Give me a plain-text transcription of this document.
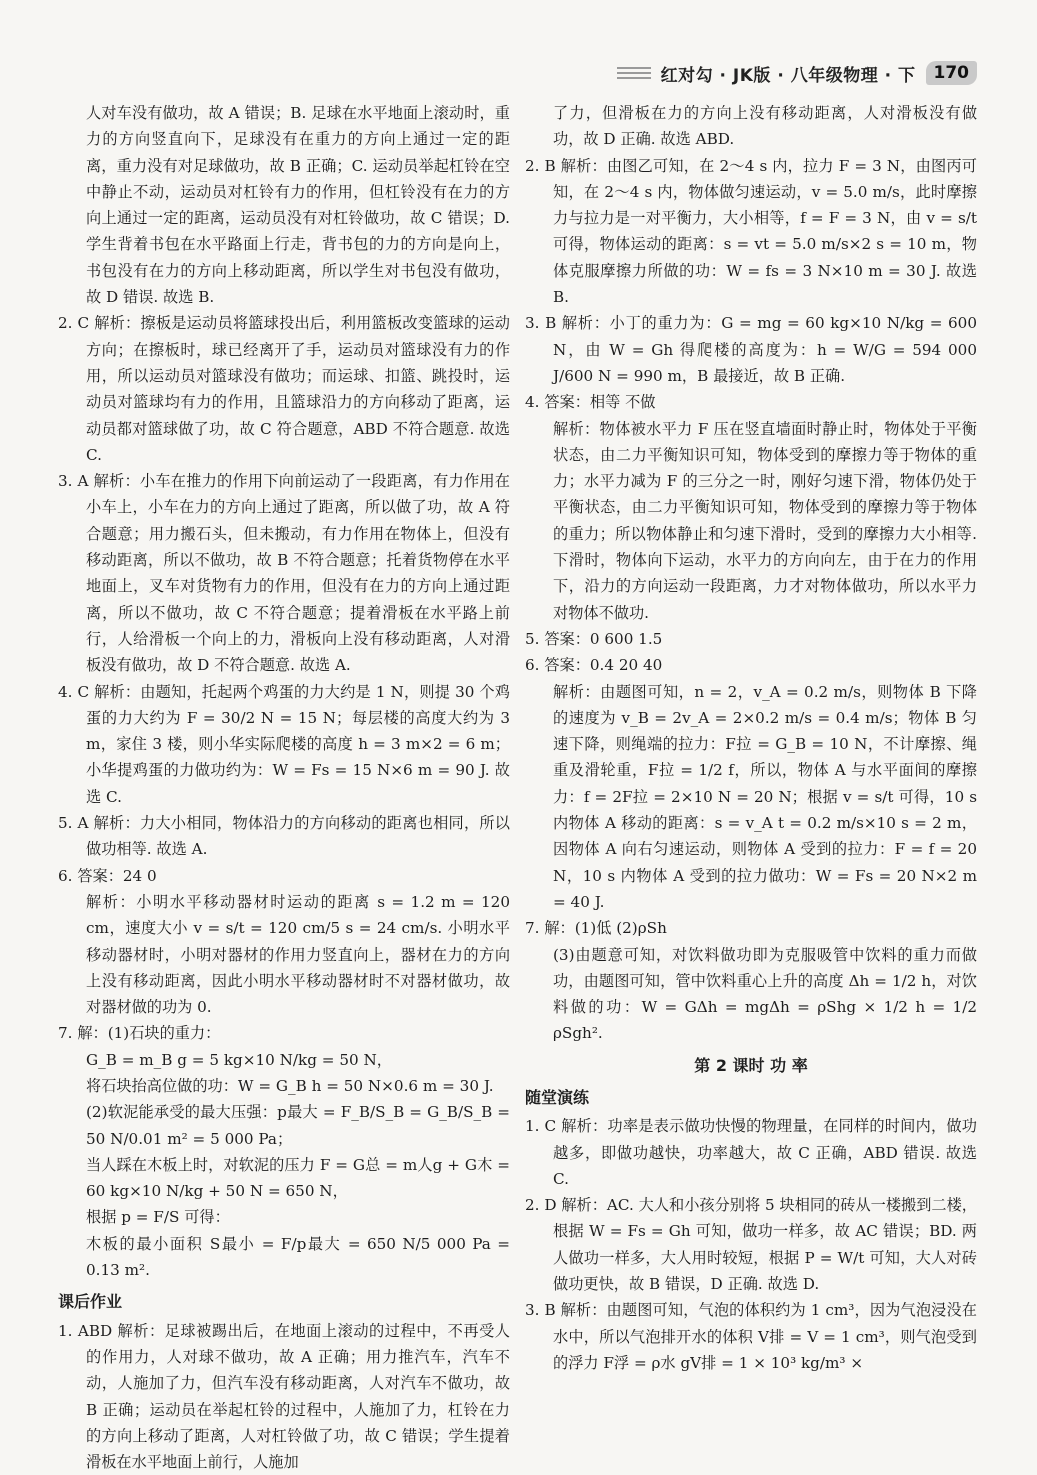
红对勾 · JK版 · 八年级物理 · 下	170

人对车没有做功，故 A 错误；B. 足球在水平地面上滚动时，重力的方向竖直向下，足球没有在重力的方向上通过一定的距离，重力没有对足球做功，故 B 正确；C. 运动员举起杠铃在空中静止不动，运动员对杠铃有力的作用，但杠铃没有在力的方向上通过一定的距离，运动员没有对杠铃做功，故 C 错误；D. 学生背着书包在水平路面上行走，背书包的力的方向是向上，书包没有在力的方向上移动距离，所以学生对书包没有做功，故 D 错误. 故选 B.

2. C 解析：擦板是运动员将篮球投出后，利用篮板改变篮球的运动方向；在擦板时，球已经离开了手，运动员对篮球没有力的作用，所以运动员对篮球没有做功；而运球、扣篮、跳投时，运动员对篮球均有力的作用，且篮球沿力的方向移动了距离，运动员都对篮球做了功，故 C 符合题意，ABD 不符合题意. 故选 C.

3. A 解析：小车在推力的作用下向前运动了一段距离，有力作用在小车上，小车在力的方向上通过了距离，所以做了功，故 A 符合题意；用力搬石头，但未搬动，有力作用在物体上，但没有移动距离，所以不做功，故 B 不符合题意；托着货物停在水平地面上，叉车对货物有力的作用，但没有在力的方向上通过距离，所以不做功，故 C 不符合题意；提着滑板在水平路上前行，人给滑板一个向上的力，滑板向上没有移动距离，人对滑板没有做功，故 D 不符合题意. 故选 A.

4. C 解析：由题知，托起两个鸡蛋的力大约是 1 N，则提 30 个鸡蛋的力大约为 F = 30/2 N = 15 N；每层楼的高度大约为 3 m，家住 3 楼，则小华实际爬楼的高度 h = 3 m×2 = 6 m；小华提鸡蛋的力做功约为：W = Fs = 15 N×6 m = 90 J. 故选 C.

5. A 解析：力大小相同，物体沿力的方向移动的距离也相同，所以做功相等. 故选 A.

6. 答案：24 0

解析：小明水平移动器材时运动的距离 s = 1.2 m = 120 cm，速度大小 v = s/t = 120 cm/5 s = 24 cm/s. 小明水平移动器材时，小明对器材的作用力竖直向上，器材在力的方向上没有移动距离，因此小明水平移动器材时不对器材做功，故对器材做的功为 0.

7. 解：(1)石块的重力：

G_B = m_B g = 5 kg×10 N/kg = 50 N，

将石块抬高位做的功：W = G_B h = 50 N×0.6 m = 30 J.

(2)软泥能承受的最大压强：p最大 = F_B/S_B = G_B/S_B = 50 N/0.01 m² = 5 000 Pa；

当人踩在木板上时，对软泥的压力 F = G总 = m人g + G木 = 60 kg×10 N/kg + 50 N = 650 N，

根据 p = F/S 可得：

木板的最小面积 S最小 = F/p最大 = 650 N/5 000 Pa = 0.13 m².

课后作业

1. ABD 解析：足球被踢出后，在地面上滚动的过程中，不再受人的作用力，人对球不做功，故 A 正确；用力推汽车，汽车不动，人施加了力，但汽车没有移动距离，人对汽车不做功，故 B 正确；运动员在举起杠铃的过程中，人施加了力，杠铃在力的方向上移动了距离，人对杠铃做了功，故 C 错误；学生提着滑板在水平地面上前行，人施加

了力，但滑板在力的方向上没有移动距离，人对滑板没有做功，故 D 正确. 故选 ABD.

2. B 解析：由图乙可知，在 2～4 s 内，拉力 F = 3 N，由图丙可知，在 2～4 s 内，物体做匀速运动，v = 5.0 m/s，此时摩擦力与拉力是一对平衡力，大小相等，f = F = 3 N，由 v = s/t 可得，物体运动的距离：s = vt = 5.0 m/s×2 s = 10 m，物体克服摩擦力所做的功：W = fs = 3 N×10 m = 30 J. 故选 B.

3. B 解析：小丁的重力为：G = mg = 60 kg×10 N/kg = 600 N，由 W = Gh 得爬楼的高度为：h = W/G = 594 000 J/600 N = 990 m，B 最接近，故 B 正确.

4. 答案：相等 不做

解析：物体被水平力 F 压在竖直墙面时静止时，物体处于平衡状态，由二力平衡知识可知，物体受到的摩擦力等于物体的重力；水平力减为 F 的三分之一时，刚好匀速下滑，物体仍处于平衡状态，由二力平衡知识可知，物体受到的摩擦力等于物体的重力；所以物体静止和匀速下滑时，受到的摩擦力大小相等. 下滑时，物体向下运动，水平力的方向向左，由于在力的作用下，沿力的方向运动一段距离，力才对物体做功，所以水平力对物体不做功.

5. 答案：0 600 1.5

6. 答案：0.4 20 40

解析：由题图可知，n = 2，v_A = 0.2 m/s，则物体 B 下降的速度为 v_B = 2v_A = 2×0.2 m/s = 0.4 m/s；物体 B 匀速下降，则绳端的拉力：F拉 = G_B = 10 N，不计摩擦、绳重及滑轮重，F拉 = 1/2 f，所以，物体 A 与水平面间的摩擦力：f = 2F拉 = 2×10 N = 20 N；根据 v = s/t 可得，10 s 内物体 A 移动的距离：s = v_A t = 0.2 m/s×10 s = 2 m，因物体 A 向右匀速运动，则物体 A 受到的拉力：F = f = 20 N，10 s 内物体 A 受到的拉力做功：W = Fs = 20 N×2 m = 40 J.

7. 解：(1)低 (2)ρSh

(3)由题意可知，对饮料做功即为克服吸管中饮料的重力而做功，由题图可知，管中饮料重心上升的高度 Δh = 1/2 h，对饮料做的功：W = GΔh = mgΔh = ρShg × 1/2 h = 1/2 ρSgh².

第 2 课时 功 率

随堂演练

1. C 解析：功率是表示做功快慢的物理量，在同样的时间内，做功越多，即做功越快，功率越大，故 C 正确，ABD 错误. 故选 C.

2. D 解析：AC. 大人和小孩分别将 5 块相同的砖从一楼搬到二楼，根据 W = Fs = Gh 可知，做功一样多，故 AC 错误；BD. 两人做功一样多，大人用时较短，根据 P = W/t 可知，大人对砖做功更快，故 B 错误，D 正确. 故选 D.

3. B 解析：由题图可知，气泡的体积约为 1 cm³，因为气泡浸没在水中，所以气泡排开水的体积 V排 = V = 1 cm³，则气泡受到的浮力 F浮 = ρ水 gV排 = 1 × 10³ kg/m³ ×
